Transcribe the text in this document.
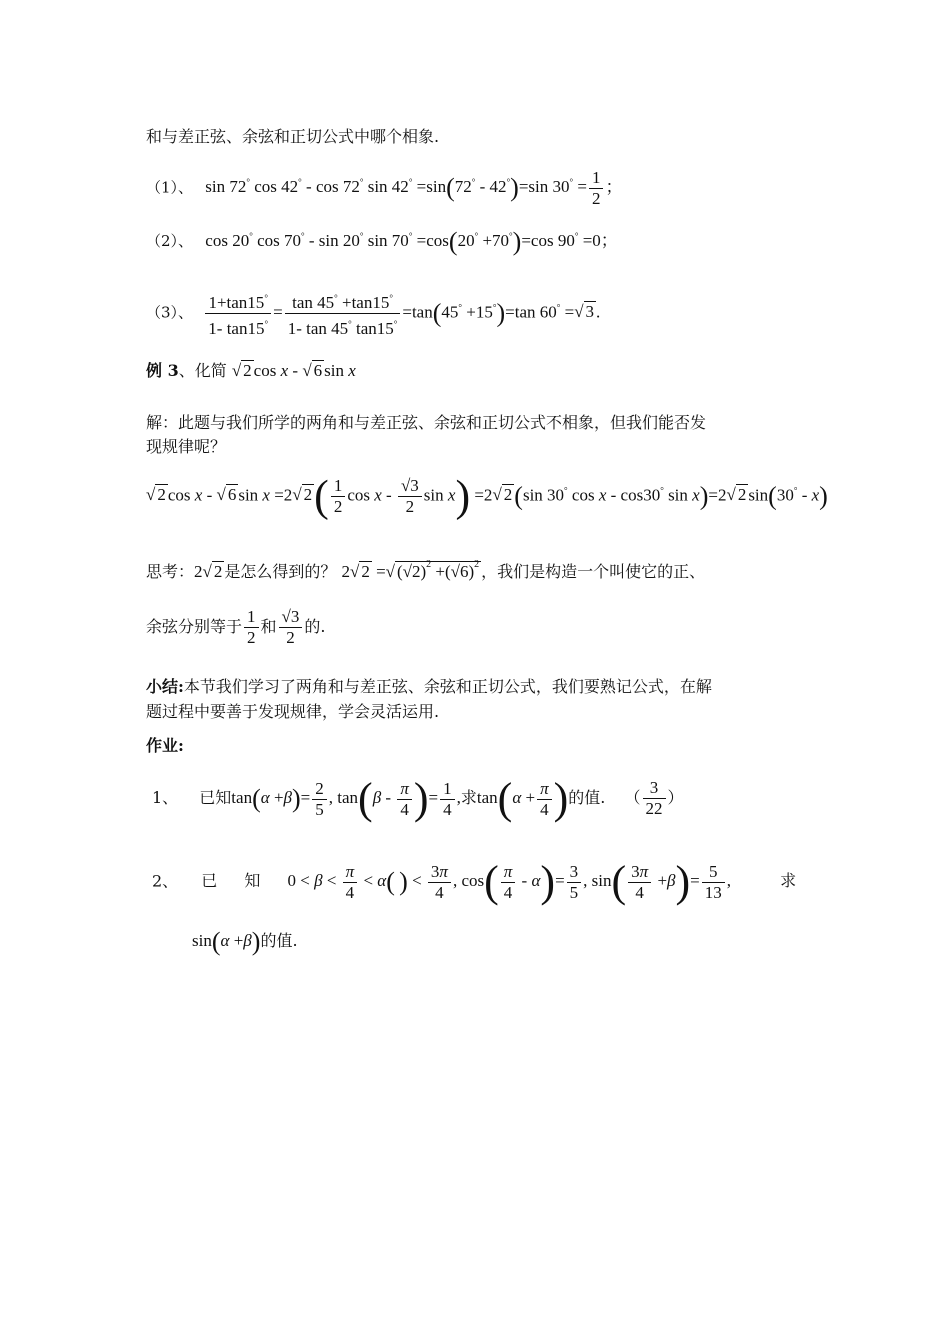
和与差正弦、余弦和正切公式中哪个相象.
（1）、 sin 72° cos 42° - cos 72° sin 42° =sin(72° - 42°)=sin $30^\circ = \frac{1}{2}$ ；
（2）、 cos 20° cos 70° - sin 20° sin 70° =cos(20° +70°)=cos 90° =0；
（3）、 $\frac{1+\tan 15^\circ}{1- \tan 15^\circ} = \frac{\tan 45^\circ +\tan 15^\circ}{1- \tan 45^\circ \tan 15^\circ} =\tan(45^\circ +15^\circ)=\tan$ 60° =√ 3 .
例 3、化简 √ 2 cos x - √ 6 sin x
解：此题与我们所学的两角和与差正弦、余弦和正切公式不相象，但我们能否发
现规律呢？
√ 2 cos x - √ 6 sin x =2√ $2( \frac{1}{2}$ cos x - $\frac{√3}{2}$ sin x) =2√ 2(sin 30° cos x - cos30° sin x)=2√ 2 sin(30° - x)
思考：2√ 2 是怎么得到的？ 2√ 2 =√ $(√2)^2 +(√6)^2$ ，我们是构造一个叫使它的正、
余弦分别等于 $\frac{1}{2}$ 和 $\frac{√3}{2}$ 的.
小结:本节我们学习了两角和与差正弦、余弦和正切公式，我们要熟记公式，在解
题过程中要善于发现规律，学会灵活运用.
作业:
1、 已知$\tan(\alpha +\beta)= \frac{2}{5}$ , $\tan(\beta - \frac{\pi}{4}$ )= $\frac{1}{4}$ ,求$\tan(\alpha + \frac{\pi}{4}$ )的值. （ $\frac{3}{22}$ ）
2、 已 知 $0 < \beta < \frac{\pi}{4} < \alpha$( ) < $\frac{3\pi}{4}$ , $\cos( \frac{\pi}{4} - \alpha)= \frac{3}{5}$ , $\sin( \frac{3\pi}{4} +\beta)= \frac{5}{13}$ ,	求
sin(α +β)的值.
